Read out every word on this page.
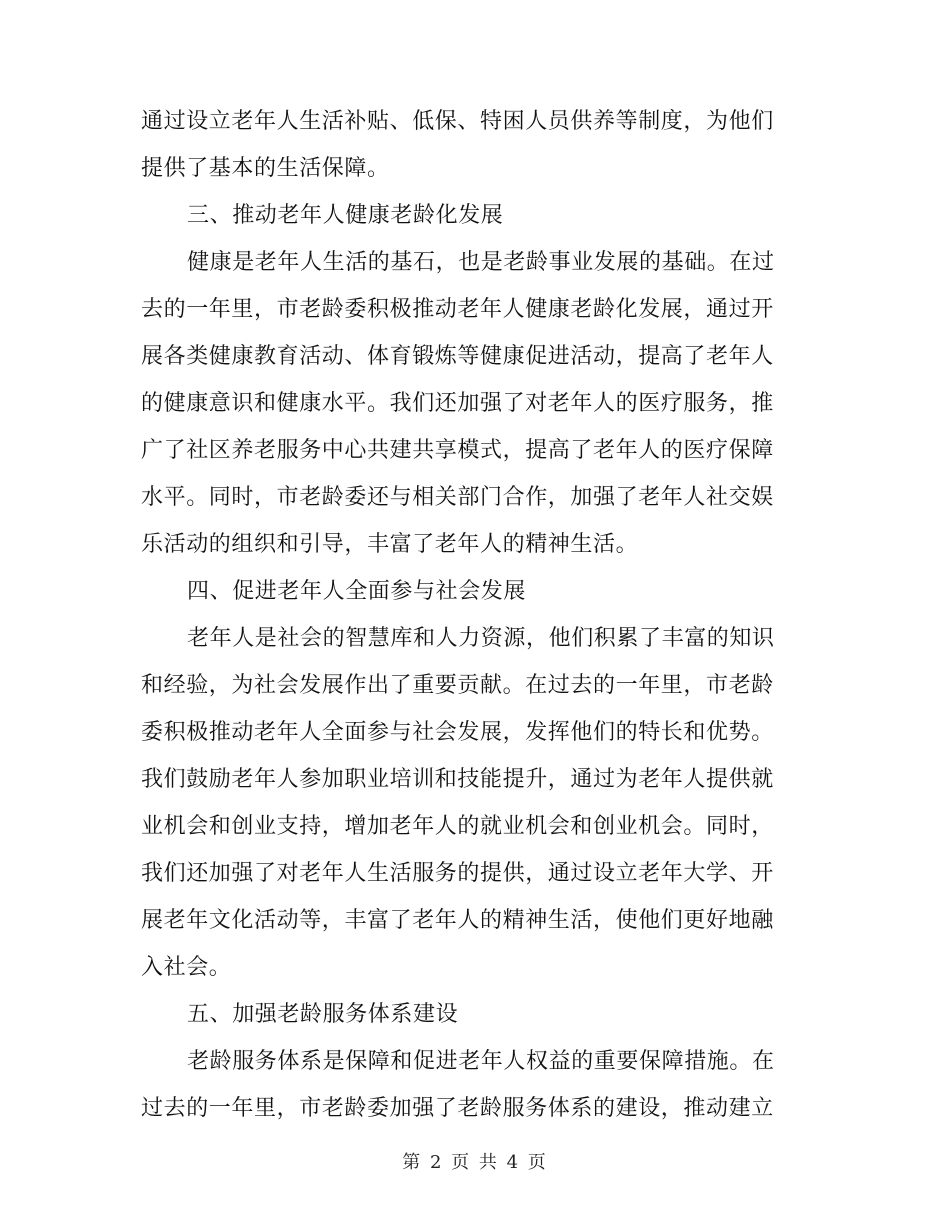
通过设立老年人生活补贴、低保、特困人员供养等制度，为他们
提供了基本的生活保障。
三、推动老年人健康老龄化发展
健康是老年人生活的基石，也是老龄事业发展的基础。在过
去的一年里，市老龄委积极推动老年人健康老龄化发展，通过开
展各类健康教育活动、体育锻炼等健康促进活动，提高了老年人
的健康意识和健康水平。我们还加强了对老年人的医疗服务，推
广了社区养老服务中心共建共享模式，提高了老年人的医疗保障
水平。同时，市老龄委还与相关部门合作，加强了老年人社交娱
乐活动的组织和引导，丰富了老年人的精神生活。
四、促进老年人全面参与社会发展
老年人是社会的智慧库和人力资源，他们积累了丰富的知识
和经验，为社会发展作出了重要贡献。在过去的一年里，市老龄
委积极推动老年人全面参与社会发展，发挥他们的特长和优势。
我们鼓励老年人参加职业培训和技能提升，通过为老年人提供就
业机会和创业支持，增加老年人的就业机会和创业机会。同时，
我们还加强了对老年人生活服务的提供，通过设立老年大学、开
展老年文化活动等，丰富了老年人的精神生活，使他们更好地融
入社会。
五、加强老龄服务体系建设
老龄服务体系是保障和促进老年人权益的重要保障措施。在
过去的一年里，市老龄委加强了老龄服务体系的建设，推动建立
第 2 页 共 4 页
